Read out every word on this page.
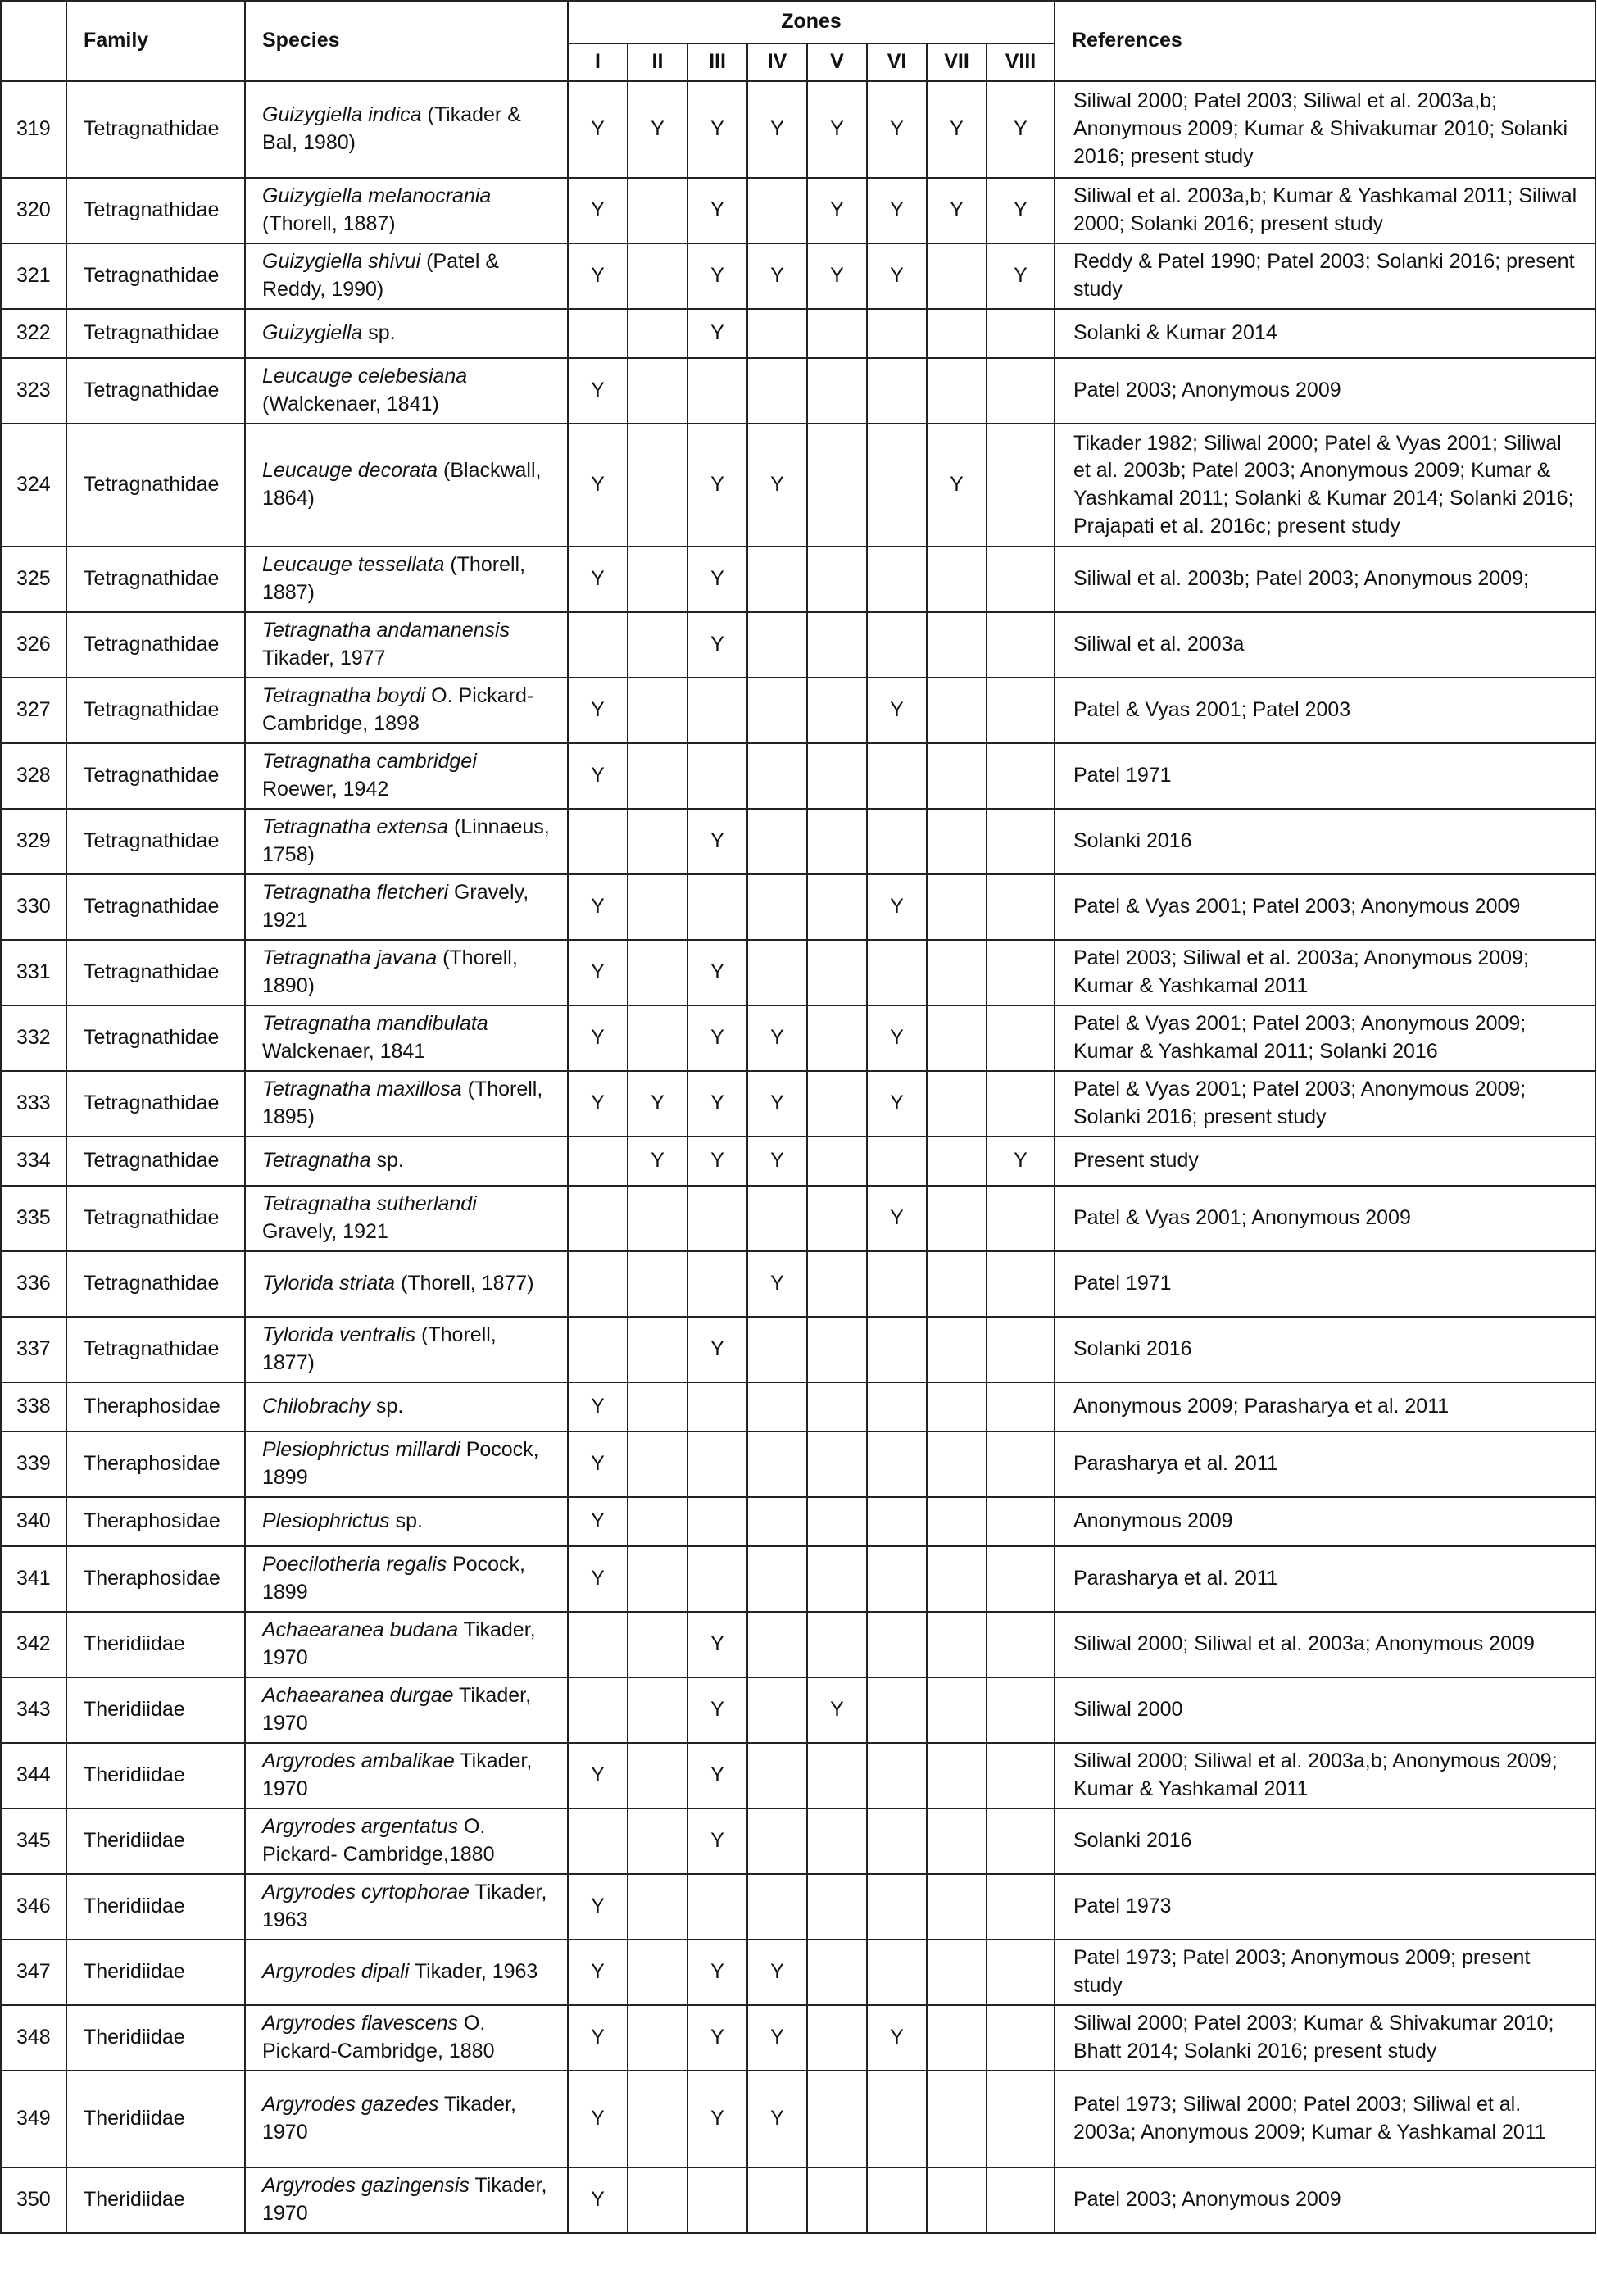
	Family	Species	Zones								References
			I	II	III	IV	V	VI	VII	VIII	
319	Tetragnathidae	Guizygiella indica (Tikader & Bal, 1980)	Y	Y	Y	Y	Y	Y	Y	Y	Siliwal 2000; Patel 2003; Siliwal et al. 2003a,b; Anonymous 2009; Kumar & Shivakumar 2010; Solanki 2016; present study
320	Tetragnathidae	Guizygiella melanocrania (Thorell, 1887)	Y		Y		Y	Y	Y	Y	Siliwal et al. 2003a,b; Kumar & Yashkamal 2011; Siliwal 2000; Solanki 2016; present study
321	Tetragnathidae	Guizygiella shivui (Patel & Reddy, 1990)	Y		Y	Y	Y	Y		Y	Reddy & Patel 1990; Patel 2003; Solanki 2016; present study
322	Tetragnathidae	Guizygiella sp.			Y						Solanki & Kumar 2014
323	Tetragnathidae	Leucauge celebesiana (Walckenaer, 1841)	Y								Patel 2003; Anonymous 2009
324	Tetragnathidae	Leucauge decorata (Blackwall, 1864)	Y		Y	Y			Y		Tikader 1982; Siliwal 2000; Patel & Vyas 2001; Siliwal et al. 2003b; Patel 2003; Anonymous 2009; Kumar & Yashkamal 2011; Solanki & Kumar 2014; Solanki 2016; Prajapati et al. 2016c; present study
325	Tetragnathidae	Leucauge tessellata (Thorell, 1887)	Y		Y						Siliwal et al. 2003b; Patel 2003; Anonymous 2009;
326	Tetragnathidae	Tetragnatha andamanensis Tikader, 1977			Y						Siliwal et al. 2003a
327	Tetragnathidae	Tetragnatha boydi O. Pickard-Cambridge, 1898	Y					Y			Patel & Vyas 2001; Patel 2003
328	Tetragnathidae	Tetragnatha cambridgei Roewer, 1942	Y								Patel 1971
329	Tetragnathidae	Tetragnatha extensa (Linnaeus, 1758)			Y						Solanki 2016
330	Tetragnathidae	Tetragnatha fletcheri Gravely, 1921	Y					Y			Patel & Vyas 2001; Patel 2003; Anonymous 2009
331	Tetragnathidae	Tetragnatha javana (Thorell, 1890)	Y		Y						Patel 2003; Siliwal et al. 2003a; Anonymous 2009; Kumar & Yashkamal 2011
332	Tetragnathidae	Tetragnatha mandibulata Walckenaer, 1841	Y		Y	Y		Y			Patel & Vyas 2001; Patel 2003; Anonymous 2009; Kumar & Yashkamal 2011; Solanki 2016
333	Tetragnathidae	Tetragnatha maxillosa (Thorell, 1895)	Y	Y	Y	Y		Y			Patel & Vyas 2001; Patel 2003; Anonymous 2009; Solanki 2016; present study
334	Tetragnathidae	Tetragnatha sp.		Y	Y	Y				Y	Present study
335	Tetragnathidae	Tetragnatha sutherlandi Gravely, 1921						Y			Patel & Vyas 2001; Anonymous 2009
336	Tetragnathidae	Tylorida striata (Thorell, 1877)				Y					Patel 1971
337	Tetragnathidae	Tylorida ventralis (Thorell, 1877)			Y						Solanki 2016
338	Theraphosidae	Chilobrachy sp.	Y								Anonymous 2009; Parasharya et al. 2011
339	Theraphosidae	Plesiophrictus millardi Pocock, 1899	Y								Parasharya et al. 2011
340	Theraphosidae	Plesiophrictus sp.	Y								Anonymous 2009
341	Theraphosidae	Poecilotheria regalis Pocock, 1899	Y								Parasharya et al. 2011
342	Theridiidae	Achaearanea budana Tikader, 1970			Y						Siliwal 2000; Siliwal et al. 2003a; Anonymous 2009
343	Theridiidae	Achaearanea durgae Tikader, 1970			Y		Y				Siliwal 2000
344	Theridiidae	Argyrodes ambalikae Tikader, 1970	Y		Y						Siliwal 2000; Siliwal et al. 2003a,b; Anonymous 2009; Kumar & Yashkamal 2011
345	Theridiidae	Argyrodes argentatus O. Pickard- Cambridge,1880			Y						Solanki 2016
346	Theridiidae	Argyrodes cyrtophorae Tikader, 1963	Y								Patel 1973
347	Theridiidae	Argyrodes dipali Tikader, 1963	Y		Y	Y					Patel 1973; Patel 2003; Anonymous 2009; present study
348	Theridiidae	Argyrodes flavescens O. Pickard-Cambridge, 1880	Y		Y	Y		Y			Siliwal 2000; Patel 2003; Kumar & Shivakumar 2010; Bhatt 2014; Solanki 2016; present study
349	Theridiidae	Argyrodes gazedes Tikader, 1970	Y		Y	Y					Patel 1973; Siliwal 2000; Patel 2003; Siliwal et al. 2003a; Anonymous 2009; Kumar & Yashkamal 2011
350	Theridiidae	Argyrodes gazingensis Tikader, 1970	Y								Patel 2003; Anonymous 2009
